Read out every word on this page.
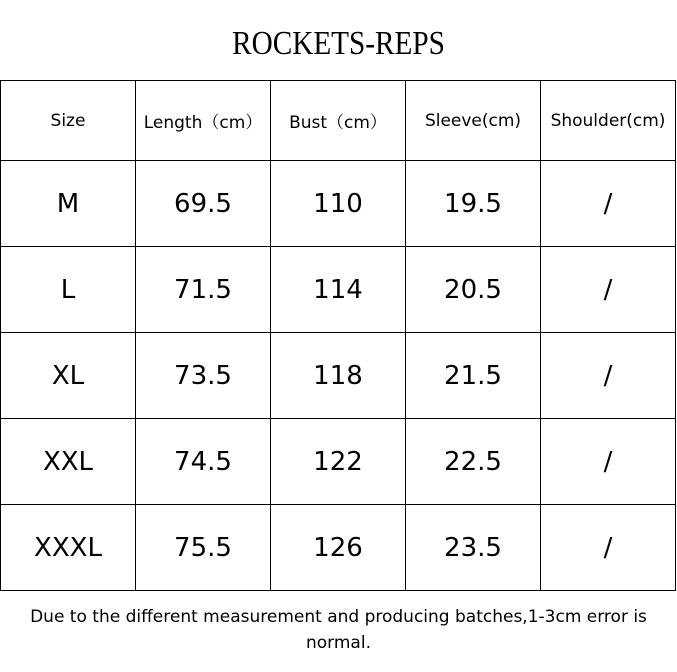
ROCKETS-REPS
Size	Length（cm）	Bust（cm）	Sleeve(cm)	Shoulder(cm)
M	69.5	110	19.5	/
L	71.5	114	20.5	/
XL	73.5	118	21.5	/
XXL	74.5	122	22.5	/
XXXL	75.5	126	23.5	/
Due to the different measurement and producing batches,1-3cm error is normal.
